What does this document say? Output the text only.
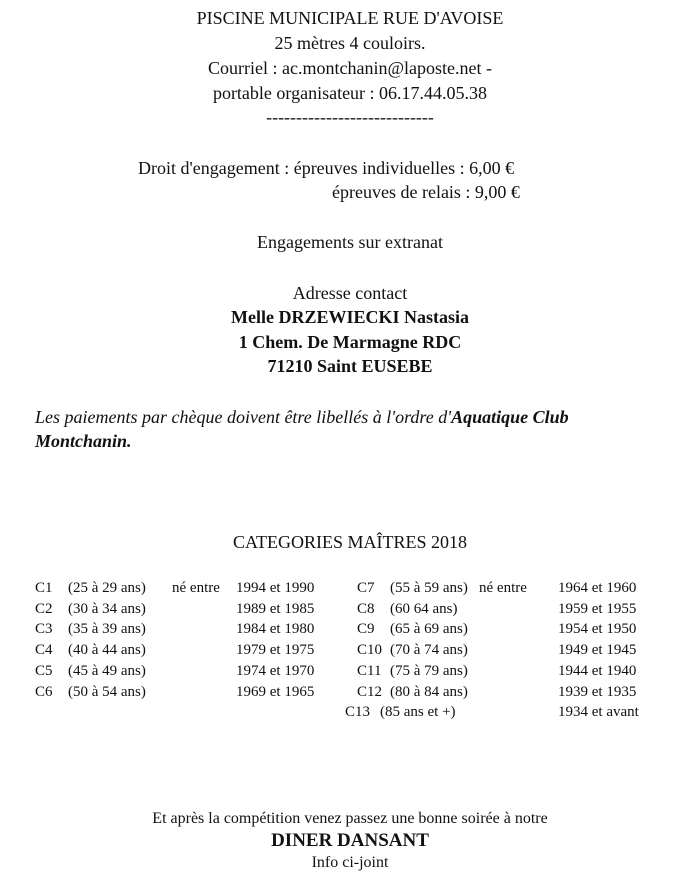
PISCINE MUNICIPALE RUE D'AVOISE
25 mètres 4 couloirs.
Courriel : ac.montchanin@laposte.net -
portable organisateur : 06.17.44.05.38
----------------------------
Droit d'engagement : épreuves individuelles : 6,00 €
épreuves de relais : 9,00 €
Engagements sur extranat
Adresse contact
Melle DRZEWIECKI Nastasia
1 Chem. De Marmagne RDC
71210 Saint EUSEBE
Les paiements par chèque doivent être libellés à l'ordre d'Aquatique Club
Montchanin.
CATEGORIES MAÎTRES 2018
né entre	né entre
C1 (25 à 29 ans)	1994 et 1990
C2 (30 à 34 ans)	1989 et 1985
C3 (35 à 39 ans)	1984 et 1980
C4 (40 à 44 ans)	1979 et 1975
C5 (45 à 49 ans)	1974 et 1970
C6 (50 à 54 ans)	1969 et 1965
C7 (55 à 59 ans)	1964 et 1960
C8 (60 64 ans)	1959 et 1955
C9 (65 à 69 ans)	1954 et 1950
C10 (70 à 74 ans)	1949 et 1945
C11 (75 à 79 ans)	1944 et 1940
C12 (80 à 84 ans)	1939 et 1935
C13 (85 ans et +)	1934 et avant
Et après la compétition venez passez une bonne soirée à notre
DINER DANSANT
Info ci-joint
